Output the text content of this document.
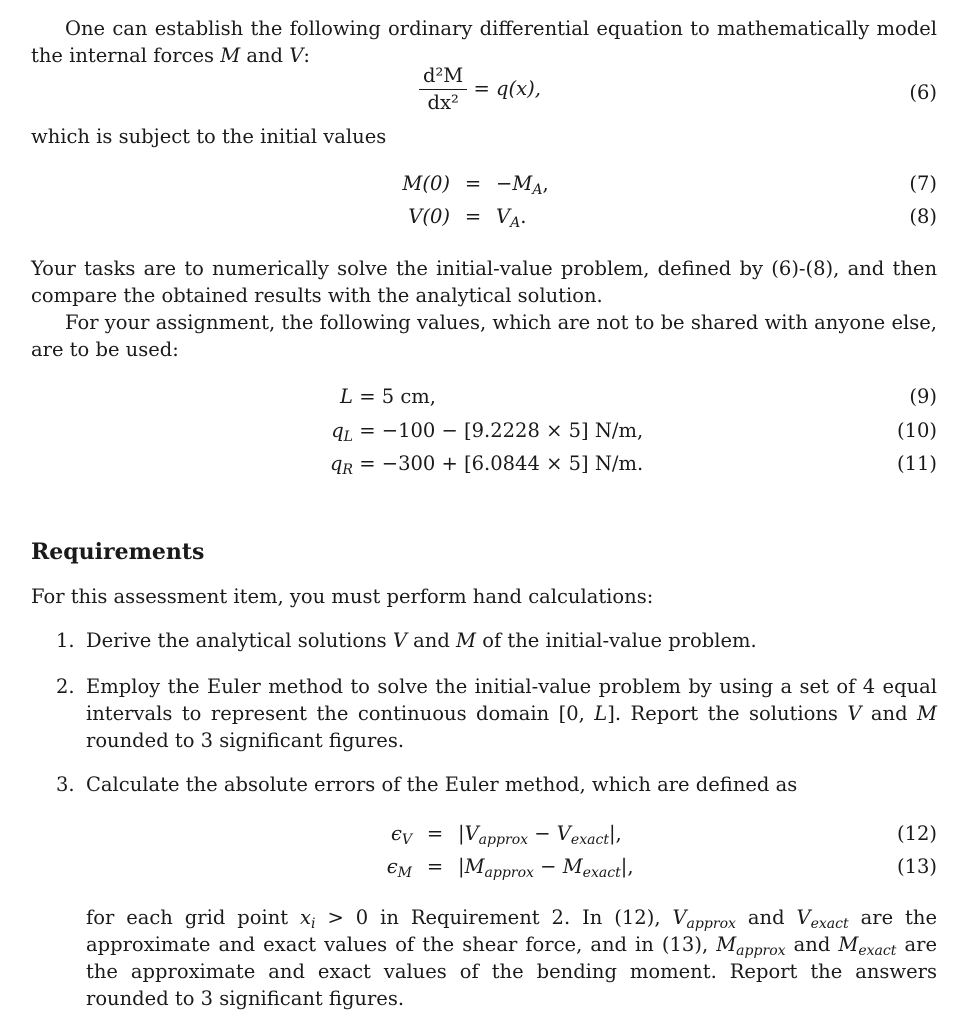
One can establish the following ordinary differential equation to mathematically model the internal forces M and V:
$\frac{\text{d²M}}{\text{dx²}} = q(x)$,	(6)
which is subject to the initial values
$M(0) = -M_A$,	(7)
$V(0) = V_A$.	(8)
Your tasks are to numerically solve the initial-value problem, defined by (6)-(8), and then compare the obtained results with the analytical solution.
For your assignment, the following values, which are not to be shared with anyone else, are to be used:
L = 5 cm,	(9)
$q_L = -100 - [9.2228 \times 5]$ N/m,	(10)
$q_R = -300 + [6.0844 \times 5]$ N/m.	(11)
Requirements
For this assessment item, you must perform hand calculations:
1. Derive the analytical solutions V and M of the initial-value problem.
2. Employ the Euler method to solve the initial-value problem by using a set of 4 equal intervals to represent the continuous domain [0, L]. Report the solutions V and M rounded to 3 significant figures.
3. Calculate the absolute errors of the Euler method, which are defined as
$\epsilon_V = |V_{approx} - V_{exact}|$,	(12)
$\epsilon_M = |M_{approx} - M_{exact}|$,	(13)
for each grid point $x_i > 0$ in Requirement 2. In (12), $V_{approx}$ and $V_{exact}$ are the approximate and exact values of the shear force, and in (13), $M_{approx}$ and $M_{exact}$ are the approximate and exact values of the bending moment. Report the answers rounded to 3 significant figures.
